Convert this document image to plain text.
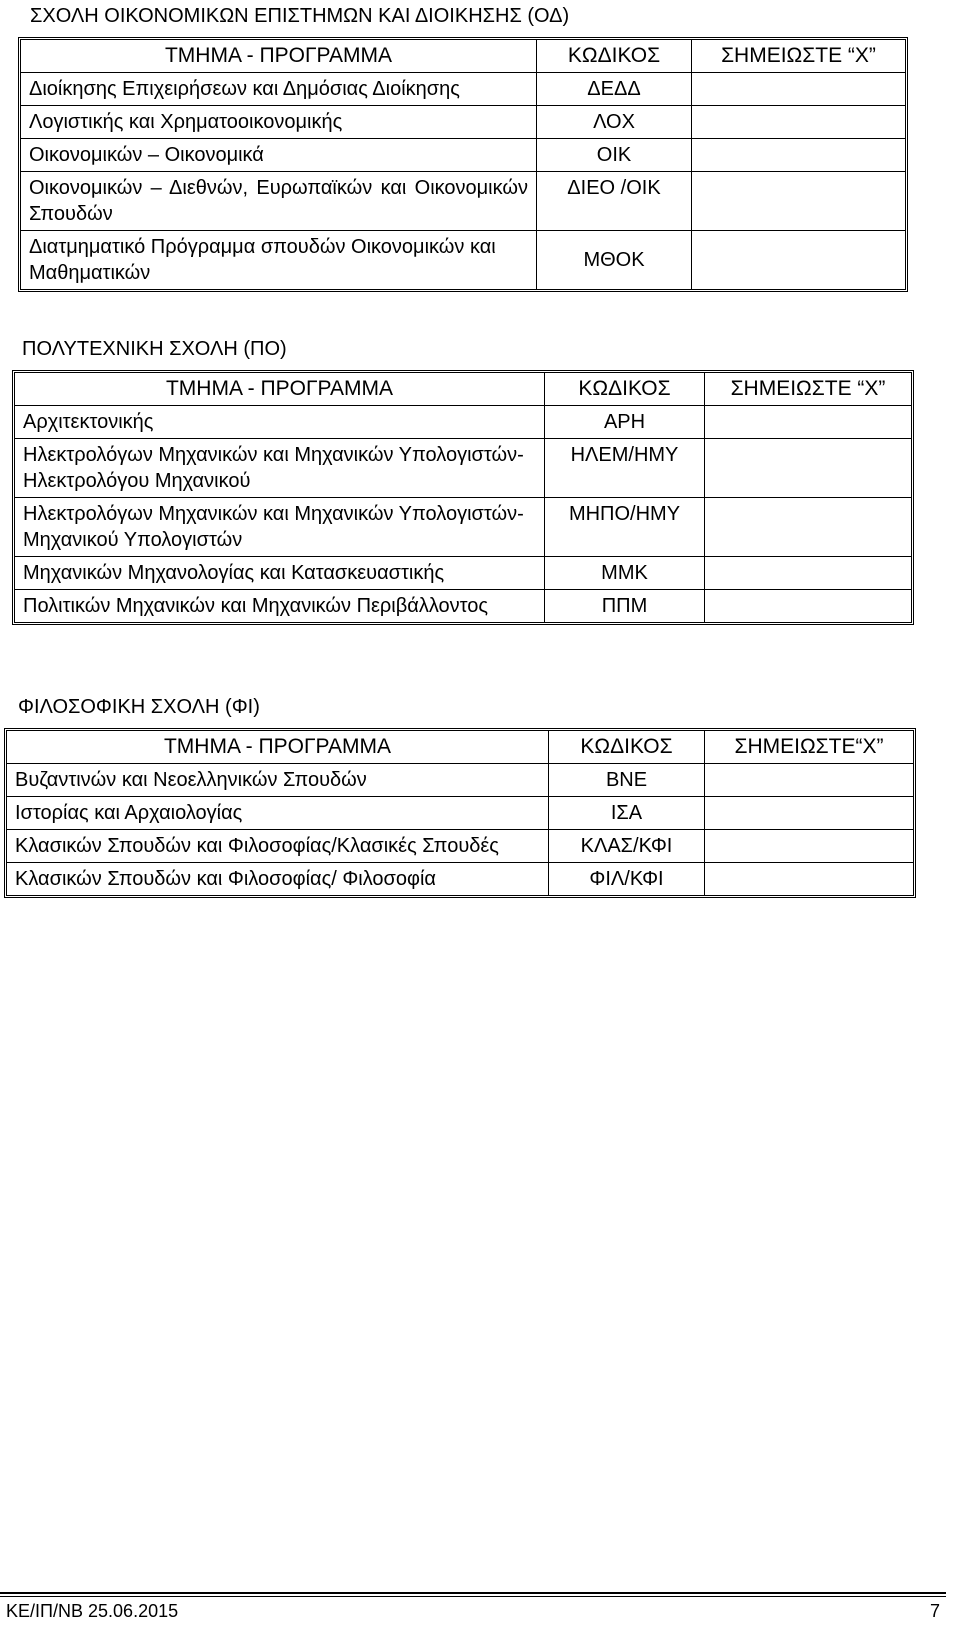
ΣΧΟΛΗ ΟΙΚΟΝΟΜΙΚΩΝ ΕΠΙΣΤΗΜΩΝ ΚΑΙ ΔΙΟΙΚΗΣΗΣ (ΟΔ)
ΤΜΗΜΑ - ΠΡΟΓΡΑΜΜΑ	ΚΩΔΙΚΟΣ	ΣΗΜΕΙΩΣΤΕ “Χ”
Διοίκησης Επιχειρήσεων και Δημόσιας Διοίκησης	ΔΕΔΔ	
Λογιστικής και Χρηματοοικονομικής	ΛΟΧ	
Οικονομικών – Οικονομικά	ΟΙΚ	
Οικονομικών – Διεθνών, Ευρωπαϊκών και Οικονομικών Σπουδών	ΔΙΕΟ /ΟΙΚ	
Διατμηματικό Πρόγραμμα σπουδών Οικονομικών και Μαθηματικών	ΜΘΟΚ	
ΠΟΛΥΤΕΧΝΙΚΗ ΣΧΟΛΗ (ΠΟ)
ΤΜΗΜΑ - ΠΡΟΓΡΑΜΜΑ	ΚΩΔΙΚΟΣ	ΣΗΜΕΙΩΣΤΕ “Χ”
Αρχιτεκτονικής	ΑΡΗ	
Ηλεκτρολόγων Μηχανικών και Μηχανικών Υπολογιστών- Ηλεκτρολόγου Μηχανικού	ΗΛΕΜ/ΗΜΥ	
Ηλεκτρολόγων Μηχανικών και Μηχανικών Υπολογιστών- Μηχανικού Υπολογιστών	ΜΗΠΟ/ΗΜΥ	
Μηχανικών Μηχανολογίας και Κατασκευαστικής	ΜΜΚ	
Πολιτικών Μηχανικών και Μηχανικών Περιβάλλοντος	ΠΠΜ	
ΦΙΛΟΣΟΦΙΚΗ ΣΧΟΛΗ (ΦΙ)
ΤΜΗΜΑ - ΠΡΟΓΡΑΜΜΑ	ΚΩΔΙΚΟΣ	ΣΗΜΕΙΩΣΤΕ“Χ”
Βυζαντινών και Νεοελληνικών Σπουδών	ΒΝΕ	
Ιστορίας και Αρχαιολογίας	ΙΣΑ	
Κλασικών Σπουδών και Φιλοσοφίας/Κλασικές Σπουδές	ΚΛΑΣ/ΚΦΙ	
Κλασικών Σπουδών και Φιλοσοφίας/ Φιλοσοφία	ΦΙΛ/ΚΦΙ	
ΚΕ/ΙΠ/ΝΒ 25.06.2015	7
